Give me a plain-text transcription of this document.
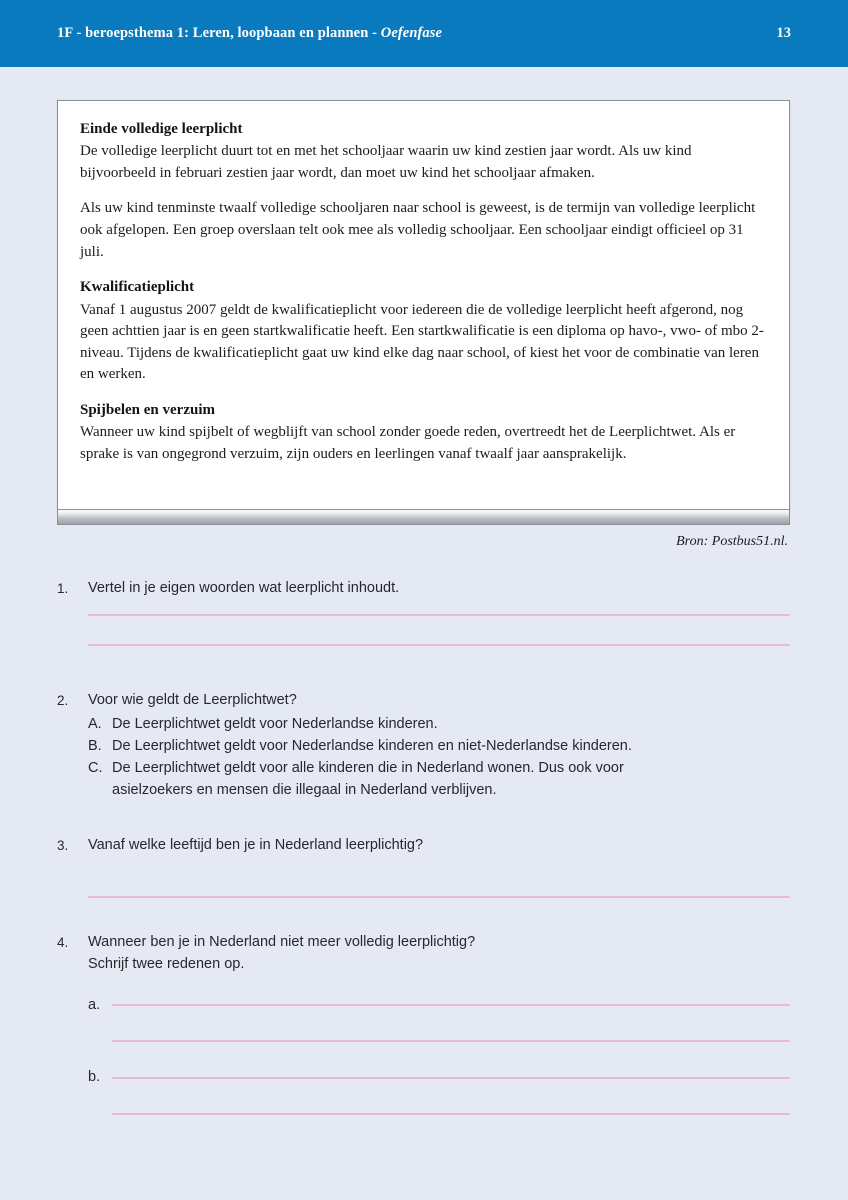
1F - beroepsthema 1: Leren, loopbaan en plannen - Oefenfase	13
Einde volledige leerplicht

De volledige leerplicht duurt tot en met het schooljaar waarin uw kind zestien jaar wordt. Als uw kind bijvoorbeeld in februari zestien jaar wordt, dan moet uw kind het schooljaar afmaken.

Als uw kind tenminste twaalf volledige schooljaren naar school is geweest, is de termijn van volledige leerplicht ook afgelopen. Een groep overslaan telt ook mee als volledig schooljaar. Een schooljaar eindigt officieel op 31 juli.

Kwalificatieplicht

Vanaf 1 augustus 2007 geldt de kwalificatieplicht voor iedereen die de volledige leerplicht heeft afgerond, nog geen achttien jaar is en geen startkwalificatie heeft. Een startkwalificatie is een diploma op havo-, vwo- of mbo 2-niveau. Tijdens de kwalificatieplicht gaat uw kind elke dag naar school, of kiest het voor de combinatie van leren en werken.

Spijbelen en verzuim

Wanneer uw kind spijbelt of wegblijft van school zonder goede reden, overtreedt het de Leerplichtwet. Als er sprake is van ongegrond verzuim, zijn ouders en leerlingen vanaf twaalf jaar aansprakelijk.

Bron: Postbus51.nl.
1.	Vertel in je eigen woorden wat leerplicht inhoudt.
2.	Voor wie geldt de Leerplichtwet?
A. De Leerplichtwet geldt voor Nederlandse kinderen.
B. De Leerplichtwet geldt voor Nederlandse kinderen en niet-Nederlandse kinderen.
C. De Leerplichtwet geldt voor alle kinderen die in Nederland wonen. Dus ook voor asielzoekers en mensen die illegaal in Nederland verblijven.
3.	Vanaf welke leeftijd ben je in Nederland leerplichtig?
4.	Wanneer ben je in Nederland niet meer volledig leerplichtig?
Schrijf twee redenen op.
a.
b.
